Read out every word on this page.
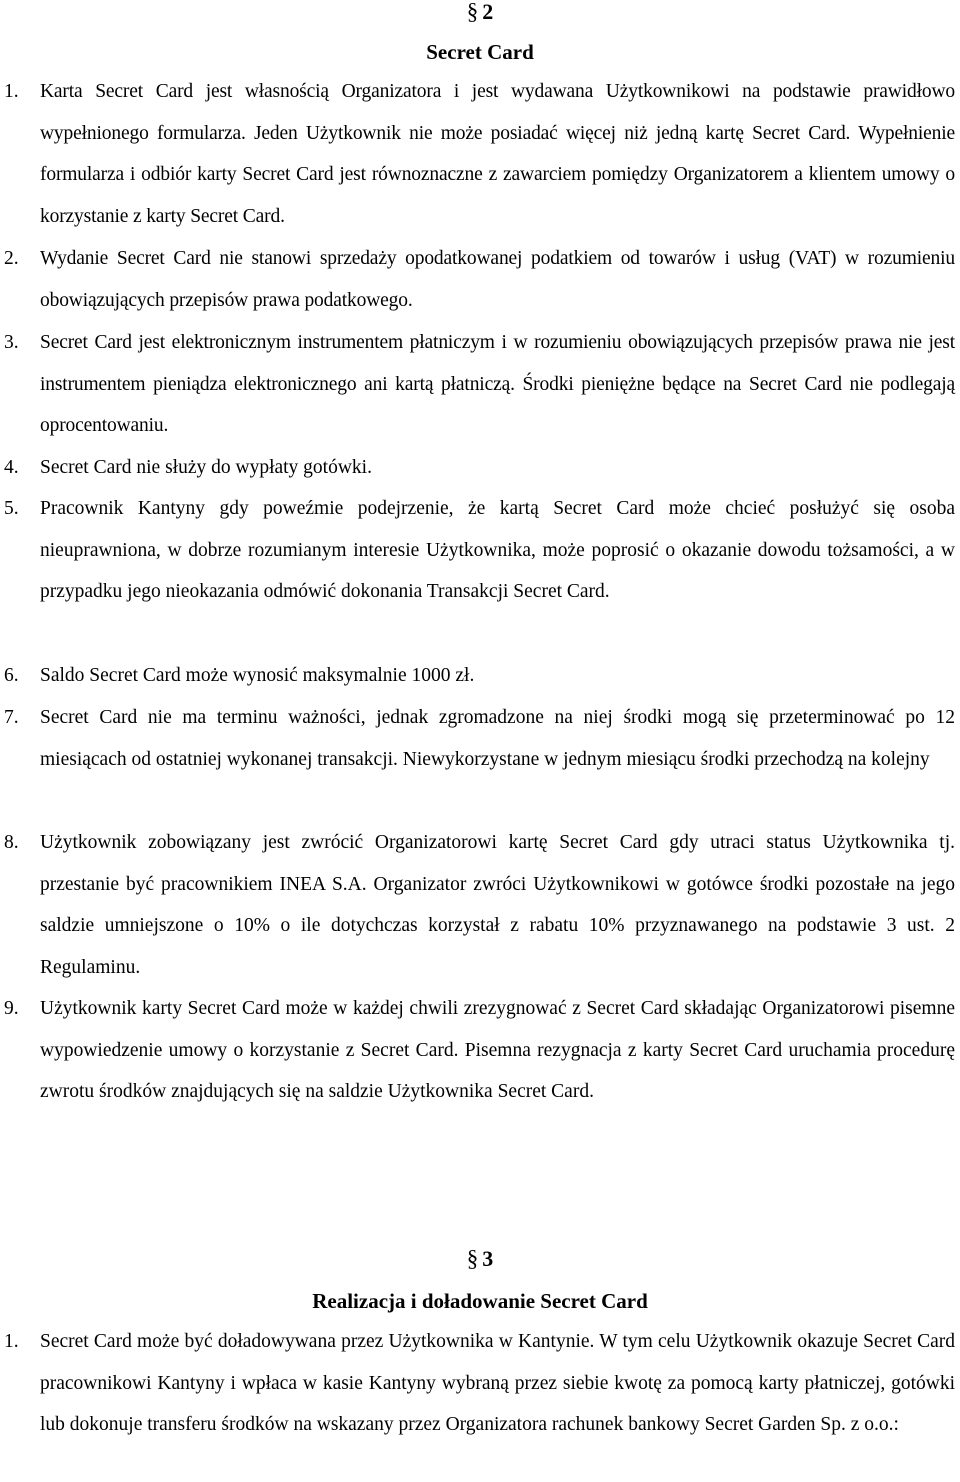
§ 2
Secret Card
1. Karta Secret Card jest własnością Organizatora i jest wydawana Użytkownikowi na podstawie prawidłowo wypełnionego formularza. Jeden Użytkownik nie może posiadać więcej niż jedną kartę Secret Card. Wypełnienie formularza i odbiór karty Secret Card jest równoznaczne z zawarciem pomiędzy Organizatorem a klientem umowy o korzystanie z karty Secret Card.
2. Wydanie Secret Card nie stanowi sprzedaży opodatkowanej podatkiem od towarów i usług (VAT) w rozumieniu obowiązujących przepisów prawa podatkowego.
3. Secret Card jest elektronicznym instrumentem płatniczym i w rozumieniu obowiązujących przepisów prawa nie jest instrumentem pieniądza elektronicznego ani kartą płatniczą. Środki pieniężne będące na Secret Card nie podlegają oprocentowaniu.
4. Secret Card nie służy do wypłaty gotówki.
5. Pracownik Kantyny gdy poweźmie podejrzenie, że kartą Secret Card może chcieć posłużyć się osoba nieuprawniona, w dobrze rozumianym interesie Użytkownika, może poprosić o okazanie dowodu tożsamości, a w przypadku jego nieokazania odmówić dokonania Transakcji Secret Card.
6. Saldo Secret Card może wynosić maksymalnie 1000 zł.
7. Secret Card nie ma terminu ważności, jednak zgromadzone na niej środki mogą się przeterminować po 12 miesiącach od ostatniej wykonanej transakcji. Niewykorzystane w jednym miesiącu środki przechodzą na kolejny
8. Użytkownik zobowiązany jest zwrócić Organizatorowi kartę Secret Card gdy utraci status Użytkownika tj. przestanie być pracownikiem INEA S.A. Organizator zwróci Użytkownikowi w gotówce środki pozostałe na jego saldzie umniejszone o 10% o ile dotychczas korzystał z rabatu 10% przyznawanego na podstawie 3 ust. 2 Regulaminu.
9. Użytkownik karty Secret Card może w każdej chwili zrezygnować z Secret Card składając Organizatorowi pisemne wypowiedzenie umowy o korzystanie z Secret Card. Pisemna rezygnacja z karty Secret Card uruchamia procedurę zwrotu środków znajdujących się na saldzie Użytkownika Secret Card.
§ 3
Realizacja i doładowanie Secret Card
1. Secret Card może być doładowywana przez Użytkownika w Kantynie. W tym celu Użytkownik okazuje Secret Card pracownikowi Kantyny i wpłaca w kasie Kantyny wybraną przez siebie kwotę za pomocą karty płatniczej, gotówki lub dokonuje transferu środków na wskazany przez Organizatora rachunek bankowy Secret Garden Sp. z o.o.:
